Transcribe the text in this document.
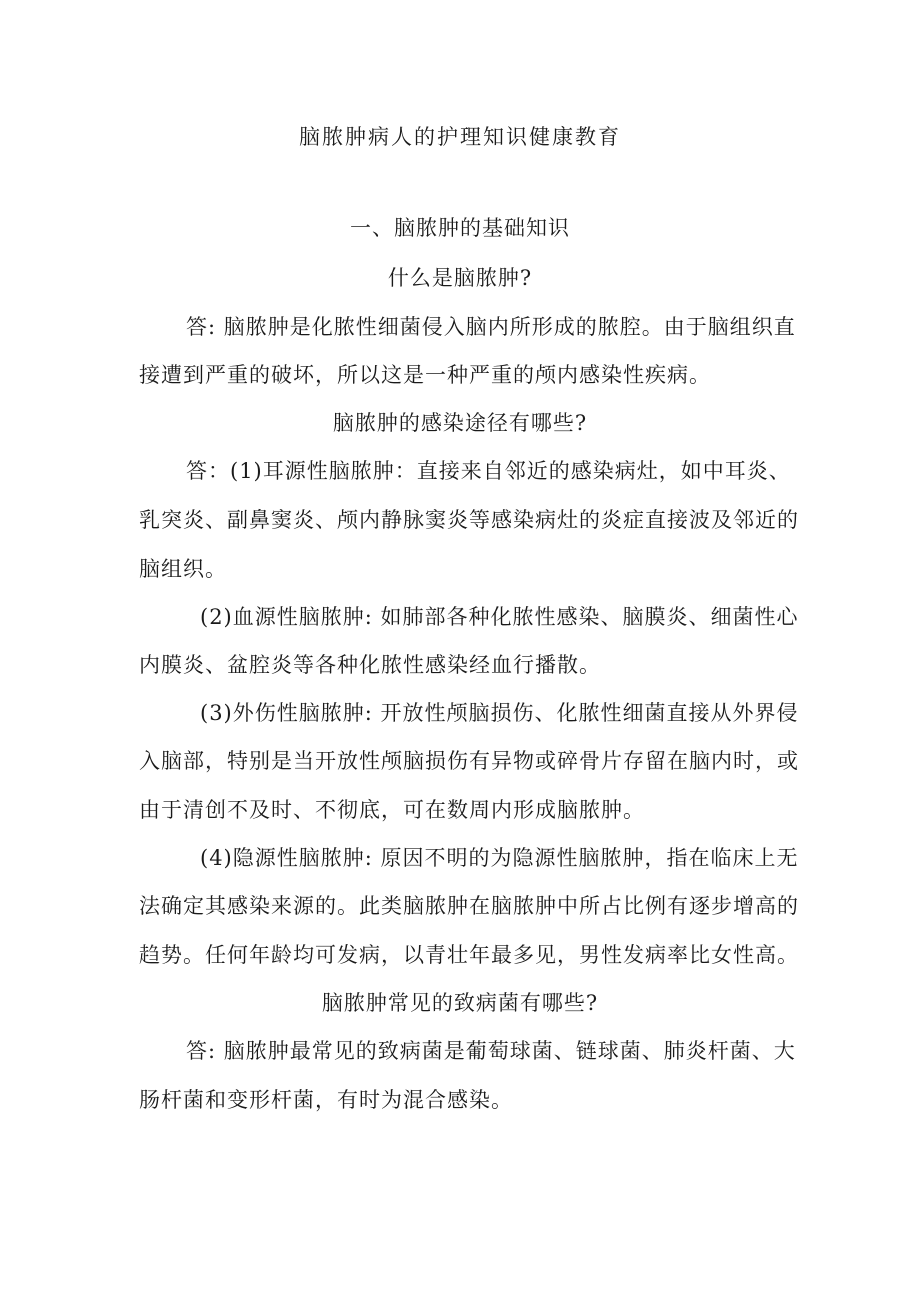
脑脓肿病人的护理知识健康教育

一、脑脓肿的基础知识

什么是脑脓肿?

答: 脑脓肿是化脓性细菌侵入脑内所形成的脓腔。由于脑组织直

接遭到严重的破坏，所以这是一种严重的颅内感染性疾病。

脑脓肿的感染途径有哪些?

答：(1)耳源性脑脓肿：直接来自邻近的感染病灶，如中耳炎、

乳突炎、副鼻窦炎、颅内静脉窦炎等感染病灶的炎症直接波及邻近的

脑组织。

(2)血源性脑脓肿: 如肺部各种化脓性感染、脑膜炎、细菌性心

内膜炎、盆腔炎等各种化脓性感染经血行播散。

(3)外伤性脑脓肿: 开放性颅脑损伤、化脓性细菌直接从外界侵

入脑部，特别是当开放性颅脑损伤有异物或碎骨片存留在脑内时，或

由于清创不及时、不彻底，可在数周内形成脑脓肿。

(4)隐源性脑脓肿: 原因不明的为隐源性脑脓肿，指在临床上无

法确定其感染来源的。此类脑脓肿在脑脓肿中所占比例有逐步增高的

趋势。任何年龄均可发病，以青壮年最多见，男性发病率比女性高。

脑脓肿常见的致病菌有哪些?

答: 脑脓肿最常见的致病菌是葡萄球菌、链球菌、肺炎杆菌、大

肠杆菌和变形杆菌，有时为混合感染。
